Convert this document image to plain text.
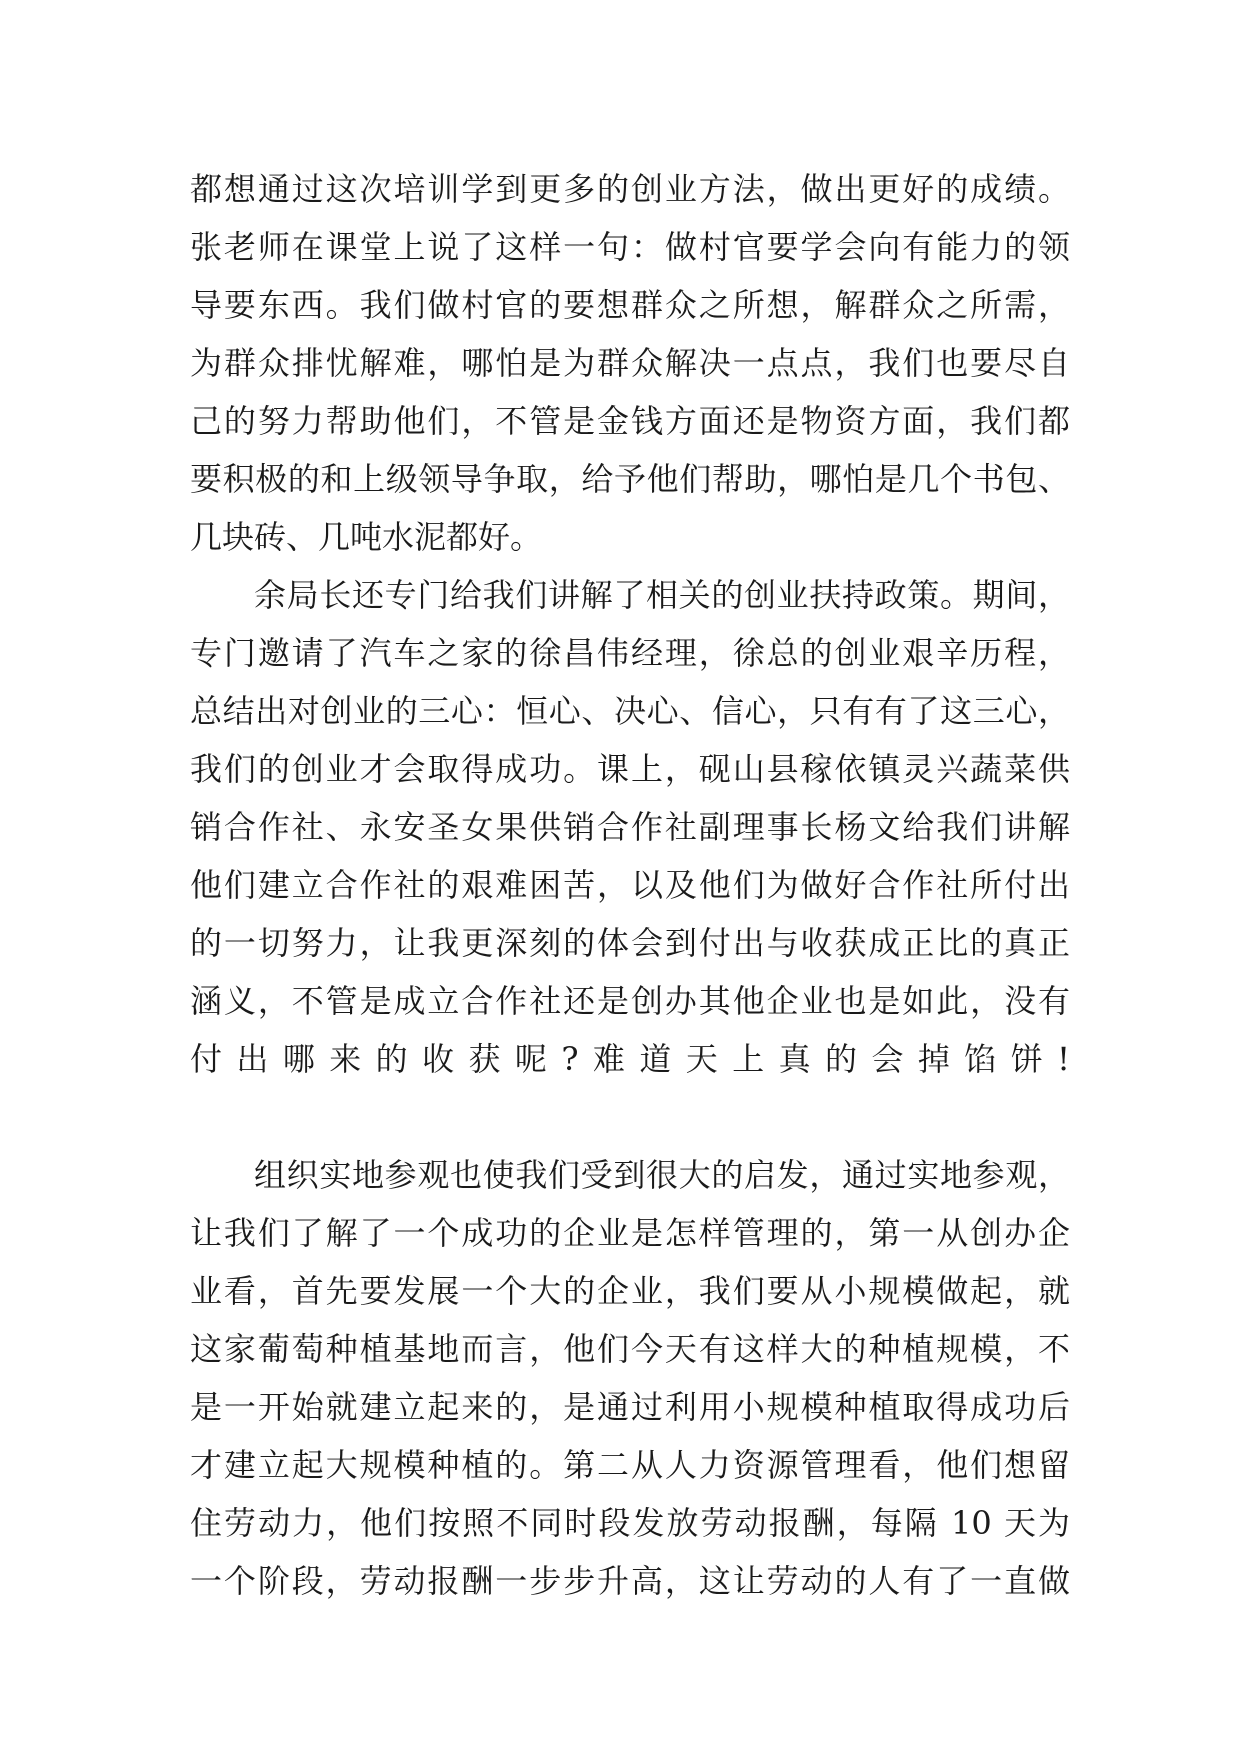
都想通过这次培训学到更多的创业方法，做出更好的成绩。
张老师在课堂上说了这样一句：做村官要学会向有能力的领
导要东西。我们做村官的要想群众之所想，解群众之所需，
为群众排忧解难，哪怕是为群众解决一点点，我们也要尽自
己的努力帮助他们，不管是金钱方面还是物资方面，我们都
要积极的和上级领导争取，给予他们帮助，哪怕是几个书包、
几块砖、几吨水泥都好。
余局长还专门给我们讲解了相关的创业扶持政策。期间，
专门邀请了汽车之家的徐昌伟经理，徐总的创业艰辛历程，
总结出对创业的三心：恒心、决心、信心，只有有了这三心，
我们的创业才会取得成功。课上，砚山县稼依镇灵兴蔬菜供
销合作社、永安圣女果供销合作社副理事长杨文给我们讲解
他们建立合作社的艰难困苦，以及他们为做好合作社所付出
的一切努力，让我更深刻的体会到付出与收获成正比的真正
涵义，不管是成立合作社还是创办其他企业也是如此，没有
付出哪来的收获呢?难道天上真的会掉馅饼!
组织实地参观也使我们受到很大的启发，通过实地参观，
让我们了解了一个成功的企业是怎样管理的，第一从创办企
业看，首先要发展一个大的企业，我们要从小规模做起，就
这家葡萄种植基地而言，他们今天有这样大的种植规模，不
是一开始就建立起来的，是通过利用小规模种植取得成功后
才建立起大规模种植的。第二从人力资源管理看，他们想留
住劳动力，他们按照不同时段发放劳动报酬，每隔 10 天为
一个阶段，劳动报酬一步步升高，这让劳动的人有了一直做
